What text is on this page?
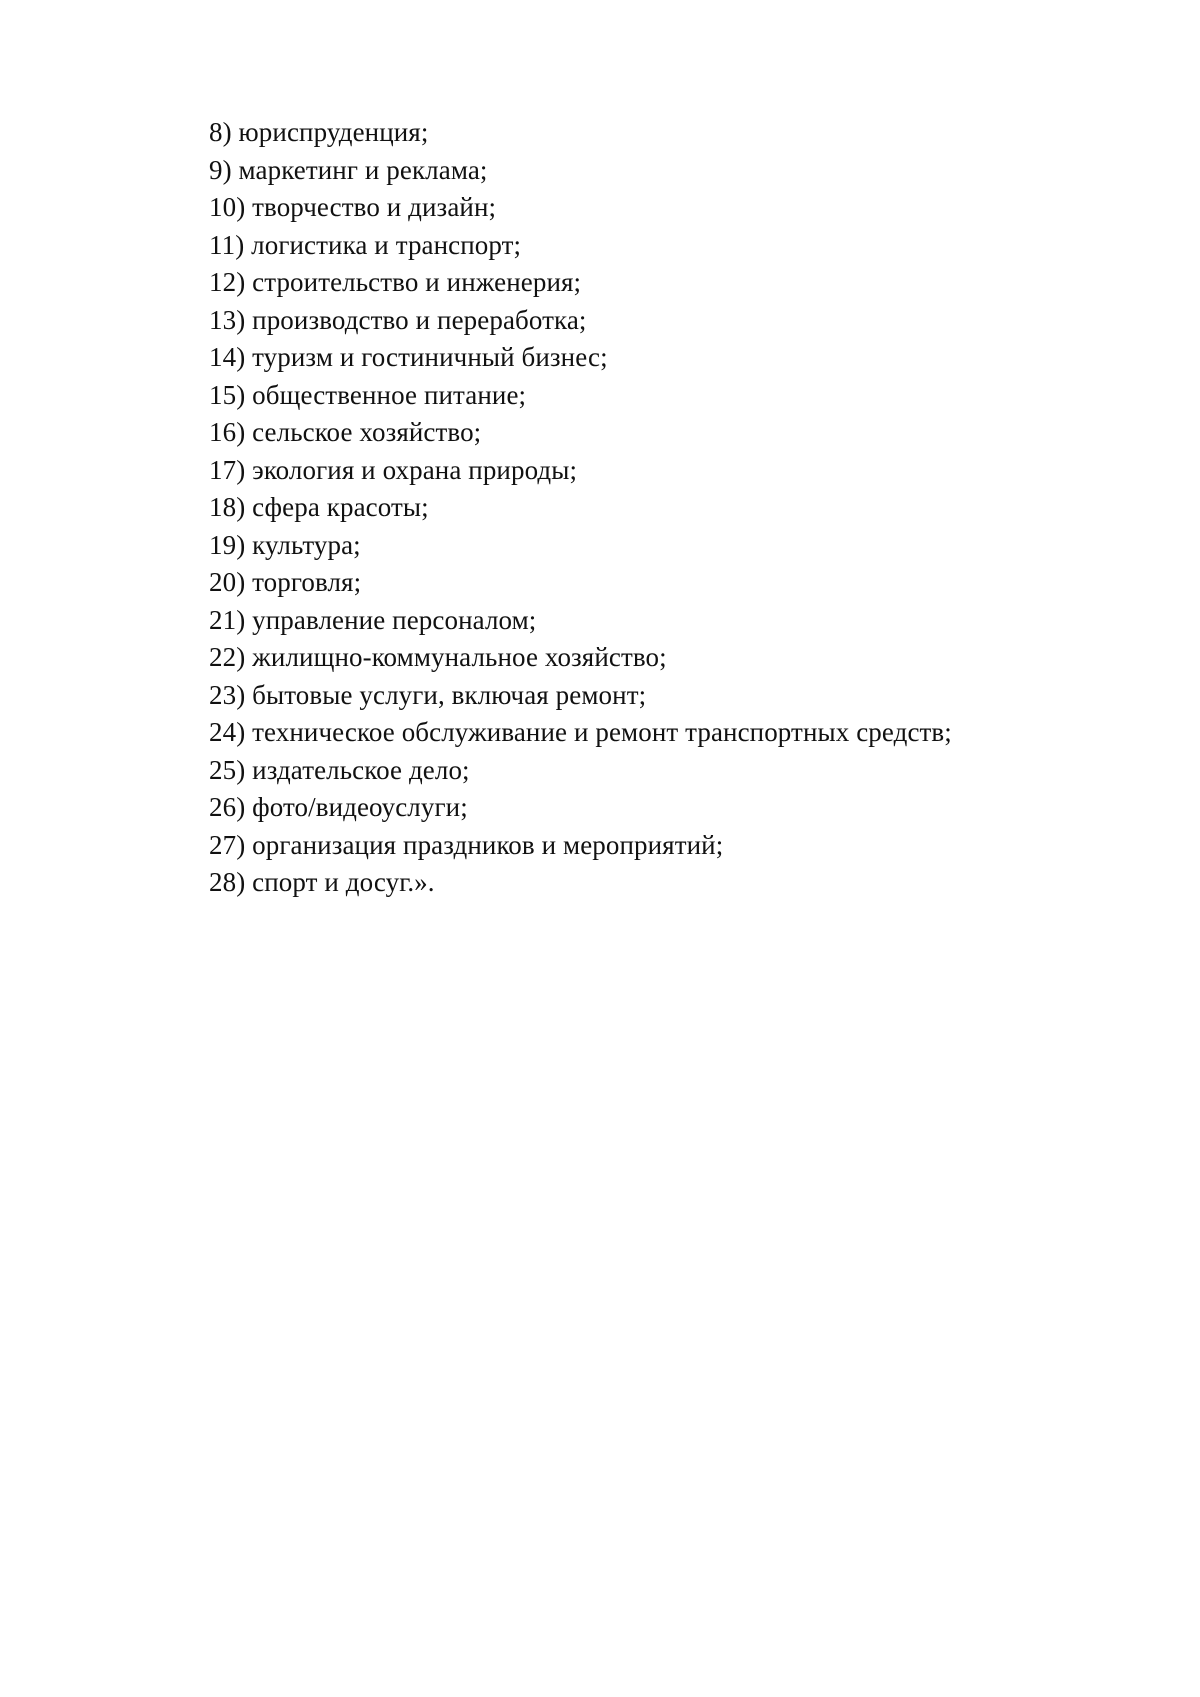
8) юриспруденция;
9) маркетинг и реклама;
10) творчество и дизайн;
11) логистика и транспорт;
12) строительство и инженерия;
13) производство и переработка;
14) туризм и гостиничный бизнес;
15) общественное питание;
16) сельское хозяйство;
17) экология и охрана природы;
18) сфера красоты;
19) культура;
20) торговля;
21) управление персоналом;
22) жилищно-коммунальное хозяйство;
23) бытовые услуги, включая ремонт;
24) техническое обслуживание и ремонт транспортных средств;
25) издательское дело;
26) фото/видеоуслуги;
27) организация праздников и мероприятий;
28) спорт и досуг.».
